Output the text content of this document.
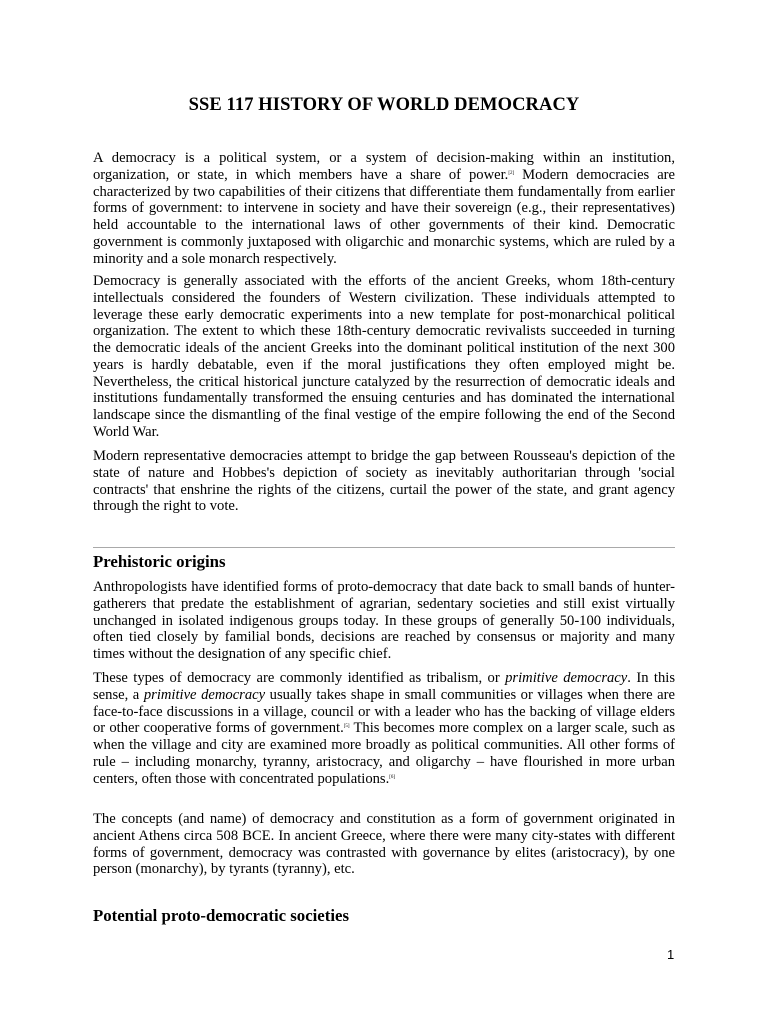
SSE 117 HISTORY OF WORLD DEMOCRACY

A democracy is a political system, or a system of decision-making within an institution, organization, or state, in which members have a share of power.[2] Modern democracies are characterized by two capabilities of their citizens that differentiate them fundamentally from earlier forms of government: to intervene in society and have their sovereign (e.g., their representatives) held accountable to the international laws of other governments of their kind. Democratic government is commonly juxtaposed with oligarchic and monarchic systems, which are ruled by a minority and a sole monarch respectively.

Democracy is generally associated with the efforts of the ancient Greeks, whom 18th-century intellectuals considered the founders of Western civilization. These individuals attempted to leverage these early democratic experiments into a new template for post-monarchical political organization. The extent to which these 18th-century democratic revivalists succeeded in turning the democratic ideals of the ancient Greeks into the dominant political institution of the next 300 years is hardly debatable, even if the moral justifications they often employed might be. Nevertheless, the critical historical juncture catalyzed by the resurrection of democratic ideals and institutions fundamentally transformed the ensuing centuries and has dominated the international landscape since the dismantling of the final vestige of the empire following the end of the Second World War.

Modern representative democracies attempt to bridge the gap between Rousseau's depiction of the state of nature and Hobbes's depiction of society as inevitably authoritarian through 'social contracts' that enshrine the rights of the citizens, curtail the power of the state, and grant agency through the right to vote.

Prehistoric origins

Anthropologists have identified forms of proto-democracy that date back to small bands of hunter-gatherers that predate the establishment of agrarian, sedentary societies and still exist virtually unchanged in isolated indigenous groups today. In these groups of generally 50-100 individuals, often tied closely by familial bonds, decisions are reached by consensus or majority and many times without the designation of any specific chief.

These types of democracy are commonly identified as tribalism, or primitive democracy. In this sense, a primitive democracy usually takes shape in small communities or villages when there are face-to-face discussions in a village, council or with a leader who has the backing of village elders or other cooperative forms of government.[5] This becomes more complex on a larger scale, such as when the village and city are examined more broadly as political communities. All other forms of rule – including monarchy, tyranny, aristocracy, and oligarchy – have flourished in more urban centers, often those with concentrated populations.[6]

The concepts (and name) of democracy and constitution as a form of government originated in ancient Athens circa 508 BCE. In ancient Greece, where there were many city-states with different forms of government, democracy was contrasted with governance by elites (aristocracy), by one person (monarchy), by tyrants (tyranny), etc.

Potential proto-democratic societies
1
